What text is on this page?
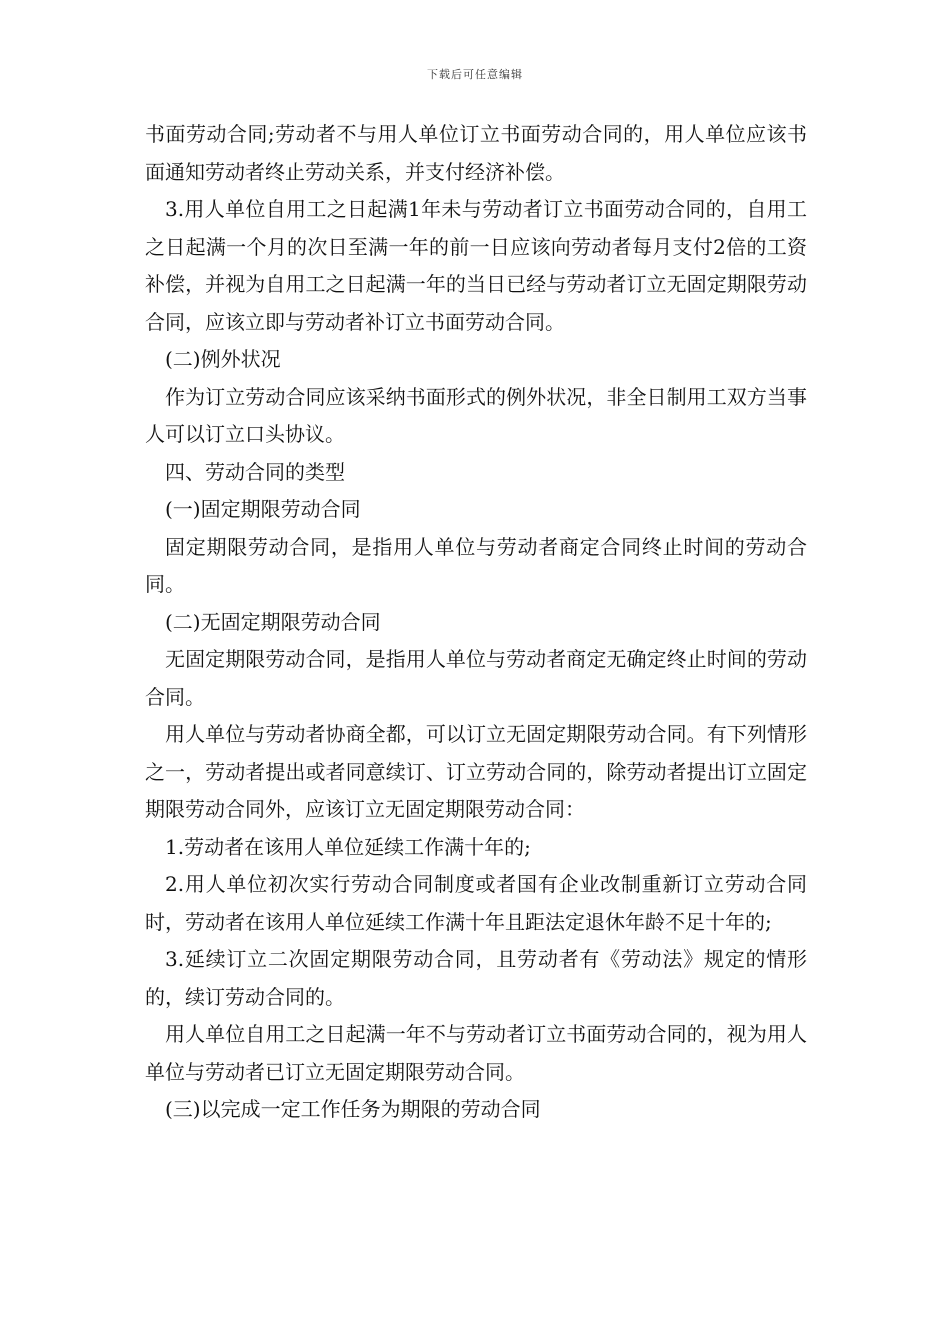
下载后可任意编辑

书面劳动合同;劳动者不与用人单位订立书面劳动合同的，用人单位应该书面通知劳动者终止劳动关系，并支付经济补偿。

3.用人单位自用工之日起满1年未与劳动者订立书面劳动合同的，自用工之日起满一个月的次日至满一年的前一日应该向劳动者每月支付2倍的工资补偿，并视为自用工之日起满一年的当日已经与劳动者订立无固定期限劳动合同，应该立即与劳动者补订立书面劳动合同。

(二)例外状况

作为订立劳动合同应该采纳书面形式的例外状况，非全日制用工双方当事人可以订立口头协议。

四、劳动合同的类型

(一)固定期限劳动合同

固定期限劳动合同，是指用人单位与劳动者商定合同终止时间的劳动合同。

(二)无固定期限劳动合同

无固定期限劳动合同，是指用人单位与劳动者商定无确定终止时间的劳动合同。

用人单位与劳动者协商全都，可以订立无固定期限劳动合同。有下列情形之一，劳动者提出或者同意续订、订立劳动合同的，除劳动者提出订立固定期限劳动合同外，应该订立无固定期限劳动合同：

1.劳动者在该用人单位延续工作满十年的;

2.用人单位初次实行劳动合同制度或者国有企业改制重新订立劳动合同时，劳动者在该用人单位延续工作满十年且距法定退休年龄不足十年的;

3.延续订立二次固定期限劳动合同，且劳动者有《劳动法》规定的情形的，续订劳动合同的。

用人单位自用工之日起满一年不与劳动者订立书面劳动合同的，视为用人单位与劳动者已订立无固定期限劳动合同。

(三)以完成一定工作任务为期限的劳动合同
